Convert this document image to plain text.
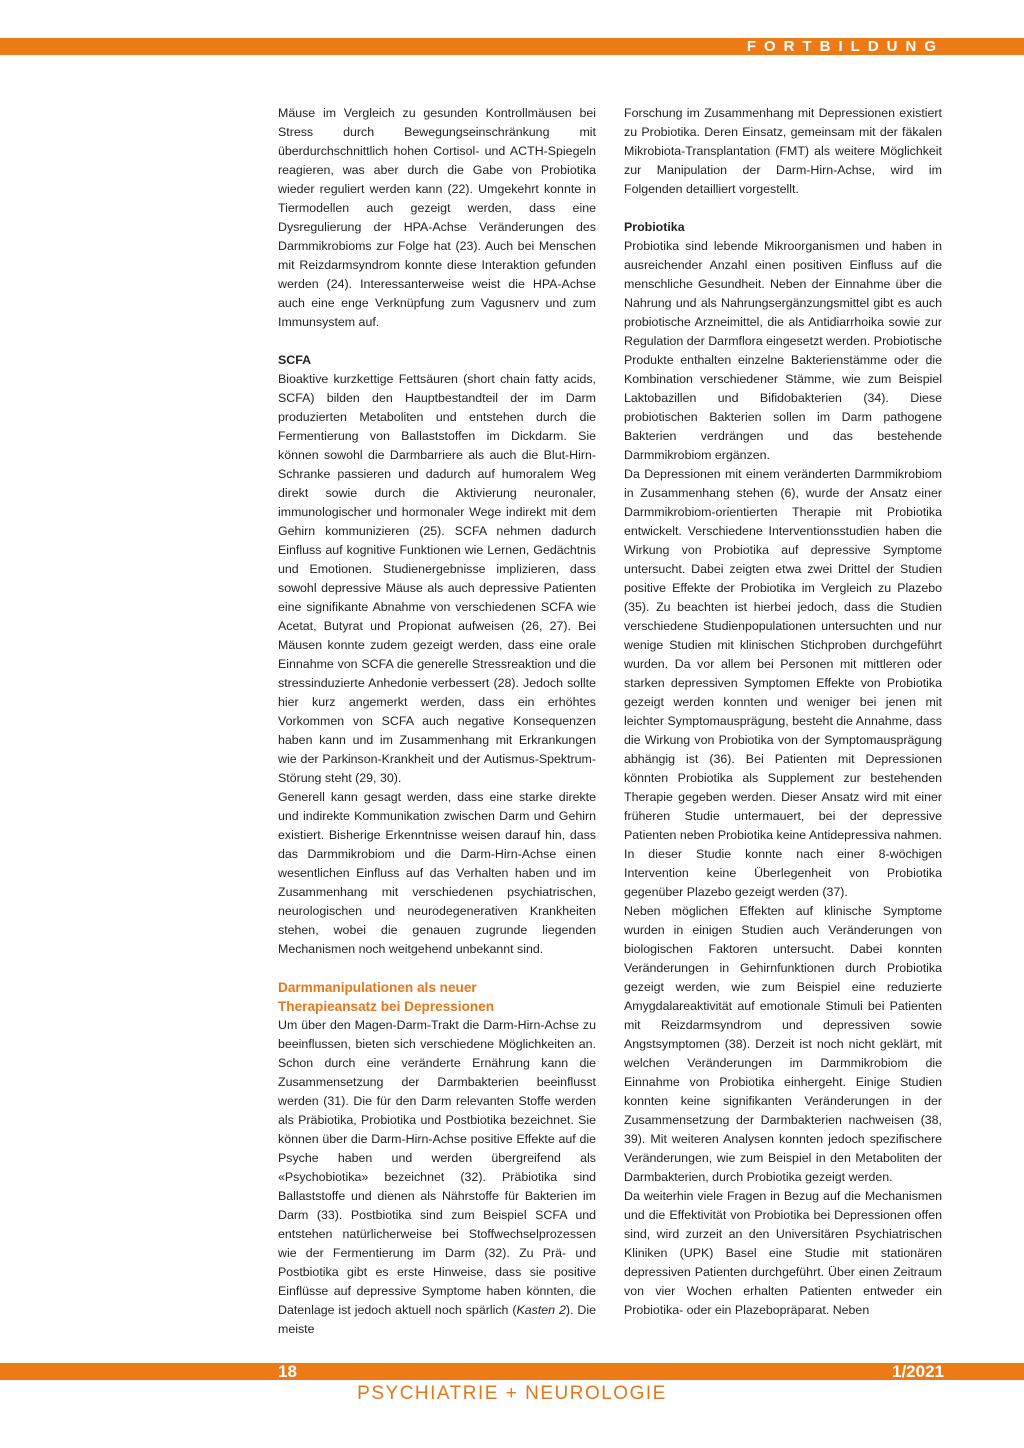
FORTBILDUNG

Mäuse im Vergleich zu gesunden Kontrollmäusen bei Stress durch Bewegungseinschränkung mit überdurchschnittlich hohen Cortisol- und ACTH-Spiegeln reagieren, was aber durch die Gabe von Probiotika wieder reguliert werden kann (22). Umgekehrt konnte in Tiermodellen auch gezeigt werden, dass eine Dysregulierung der HPA-Achse Veränderungen des Darmmikrobioms zur Folge hat (23). Auch bei Menschen mit Reizdarmsyndrom konnte diese Interaktion gefunden werden (24). Interessanterweise weist die HPA-Achse auch eine enge Verknüpfung zum Vagusnerv und zum Immunsystem auf.

SCFA

Bioaktive kurzkettige Fettsäuren (short chain fatty acids, SCFA) bilden den Hauptbestandteil der im Darm produzierten Metaboliten und entstehen durch die Fermentierung von Ballaststoffen im Dickdarm. Sie können sowohl die Darmbarriere als auch die Blut-Hirn-Schranke passieren und dadurch auf humoralem Weg direkt sowie durch die Aktivierung neuronaler, immunologischer und hormonaler Wege indirekt mit dem Gehirn kommunizieren (25). SCFA nehmen dadurch Einfluss auf kognitive Funktionen wie Lernen, Gedächtnis und Emotionen. Studienergebnisse implizieren, dass sowohl depressive Mäuse als auch depressive Patienten eine signifikante Abnahme von verschiedenen SCFA wie Acetat, Butyrat und Propionat aufweisen (26, 27). Bei Mäusen konnte zudem gezeigt werden, dass eine orale Einnahme von SCFA die generelle Stressreaktion und die stressinduzierte Anhedonie verbessert (28). Jedoch sollte hier kurz angemerkt werden, dass ein erhöhtes Vorkommen von SCFA auch negative Konsequenzen haben kann und im Zusammenhang mit Erkrankungen wie der Parkinson-Krankheit und der Autismus-Spektrum-Störung steht (29, 30).

Generell kann gesagt werden, dass eine starke direkte und indirekte Kommunikation zwischen Darm und Gehirn existiert. Bisherige Erkenntnisse weisen darauf hin, dass das Darmmikrobiom und die Darm-Hirn-Achse einen wesentlichen Einfluss auf das Verhalten haben und im Zusammenhang mit verschiedenen psychiatrischen, neurologischen und neurodegenerativen Krankheiten stehen, wobei die genauen zugrunde liegenden Mechanismen noch weitgehend unbekannt sind.

Darmmanipulationen als neuer
Therapieansatz bei Depressionen

Um über den Magen-Darm-Trakt die Darm-Hirn-Achse zu beeinflussen, bieten sich verschiedene Möglichkeiten an. Schon durch eine veränderte Ernährung kann die Zusammensetzung der Darmbakterien beeinflusst werden (31). Die für den Darm relevanten Stoffe werden als Präbiotika, Probiotika und Postbiotika bezeichnet. Sie können über die Darm-Hirn-Achse positive Effekte auf die Psyche haben und werden übergreifend als «Psychobiotika» bezeichnet (32). Präbiotika sind Ballaststoffe und dienen als Nährstoffe für Bakterien im Darm (33). Postbiotika sind zum Beispiel SCFA und entstehen natürlicherweise bei Stoffwechselprozessen wie der Fermentierung im Darm (32). Zu Prä- und Postbiotika gibt es erste Hinweise, dass sie positive Einflüsse auf depressive Symptome haben könnten, die Datenlage ist jedoch aktuell noch spärlich (Kasten 2). Die meiste

Forschung im Zusammenhang mit Depressionen existiert zu Probiotika. Deren Einsatz, gemeinsam mit der fäkalen Mikrobiota-Transplantation (FMT) als weitere Möglichkeit zur Manipulation der Darm-Hirn-Achse, wird im Folgenden detailliert vorgestellt.

Probiotika

Probiotika sind lebende Mikroorganismen und haben in ausreichender Anzahl einen positiven Einfluss auf die menschliche Gesundheit. Neben der Einnahme über die Nahrung und als Nahrungsergänzungsmittel gibt es auch probiotische Arzneimittel, die als Antidiarrhoika sowie zur Regulation der Darmflora eingesetzt werden. Probiotische Produkte enthalten einzelne Bakterienstämme oder die Kombination verschiedener Stämme, wie zum Beispiel Laktobazillen und Bifidobakterien (34). Diese probiotischen Bakterien sollen im Darm pathogene Bakterien verdrängen und das bestehende Darmmikrobiom ergänzen.

Da Depressionen mit einem veränderten Darmmikrobiom in Zusammenhang stehen (6), wurde der Ansatz einer Darmmikrobiom-orientierten Therapie mit Probiotika entwickelt. Verschiedene Interventionsstudien haben die Wirkung von Probiotika auf depressive Symptome untersucht. Dabei zeigten etwa zwei Drittel der Studien positive Effekte der Probiotika im Vergleich zu Plazebo (35). Zu beachten ist hierbei jedoch, dass die Studien verschiedene Studienpopulationen untersuchten und nur wenige Studien mit klinischen Stichproben durchgeführt wurden. Da vor allem bei Personen mit mittleren oder starken depressiven Symptomen Effekte von Probiotika gezeigt werden konnten und weniger bei jenen mit leichter Symptomausprägung, besteht die Annahme, dass die Wirkung von Probiotika von der Symptomausprägung abhängig ist (36). Bei Patienten mit Depressionen könnten Probiotika als Supplement zur bestehenden Therapie gegeben werden. Dieser Ansatz wird mit einer früheren Studie untermauert, bei der depressive Patienten neben Probiotika keine Antidepressiva nahmen. In dieser Studie konnte nach einer 8-wöchigen Intervention keine Überlegenheit von Probiotika gegenüber Plazebo gezeigt werden (37).

Neben möglichen Effekten auf klinische Symptome wurden in einigen Studien auch Veränderungen von biologischen Faktoren untersucht. Dabei konnten Veränderungen in Gehirnfunktionen durch Probiotika gezeigt werden, wie zum Beispiel eine reduzierte Amygdalareaktivität auf emotionale Stimuli bei Patienten mit Reizdarmsyndrom und depressiven sowie Angstsymptomen (38). Derzeit ist noch nicht geklärt, mit welchen Veränderungen im Darmmikrobiom die Einnahme von Probiotika einhergeht. Einige Studien konnten keine signifikanten Veränderungen in der Zusammensetzung der Darmbakterien nachweisen (38, 39). Mit weiteren Analysen konnten jedoch spezifischere Veränderungen, wie zum Beispiel in den Metaboliten der Darmbakterien, durch Probiotika gezeigt werden.

Da weiterhin viele Fragen in Bezug auf die Mechanismen und die Effektivität von Probiotika bei Depressionen offen sind, wird zurzeit an den Universitären Psychiatrischen Kliniken (UPK) Basel eine Studie mit stationären depressiven Patienten durchgeführt. Über einen Zeitraum von vier Wochen erhalten Patienten entweder ein Probiotika- oder ein Plazebopräparat. Neben

18	1/2021
PSYCHIATRIE + NEUROLOGIE
